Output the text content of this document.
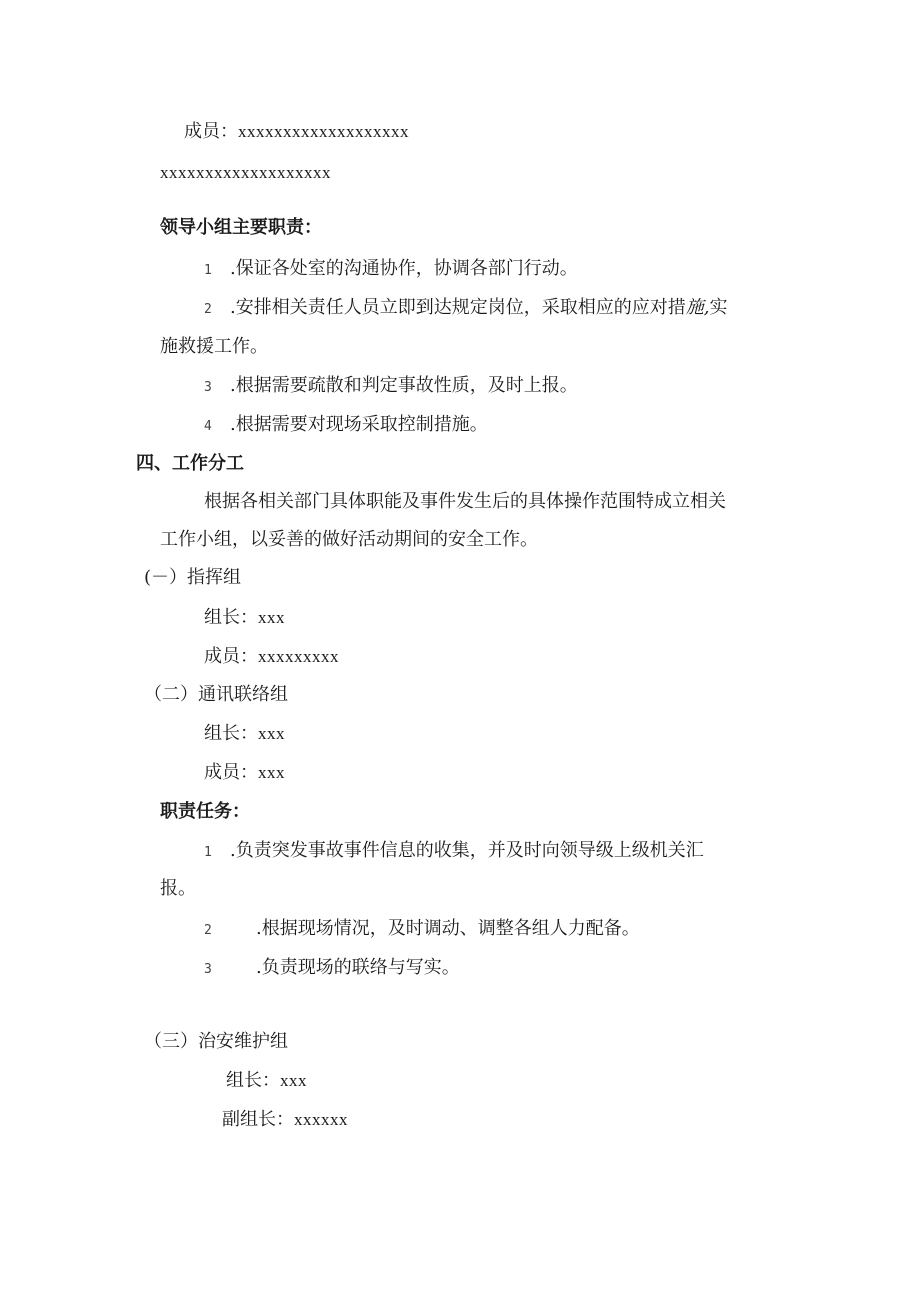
成员：xxxxxxxxxxxxxxxxxxx
xxxxxxxxxxxxxxxxxxx
领导小组主要职责：
1 .保证各处室的沟通协作，协调各部门行动。
2 .安排相关责任人员立即到达规定岗位，采取相应的应对措施,实
施救援工作。
3 .根据需要疏散和判定事故性质，及时上报。
4 .根据需要对现场采取控制措施。
四、工作分工
根据各相关部门具体职能及事件发生后的具体操作范围特成立相关
工作小组，以妥善的做好活动期间的安全工作。
(－）指挥组
组长：xxx
成员：xxxxxxxxx
（二）通讯联络组
组长：xxx
成员：xxx
职责任务：
1 .负责突发事故事件信息的收集，并及时向领导级上级机关汇
报。
2 .根据现场情况，及时调动、调整各组人力配备。
3 .负责现场的联络与写实。
（三）治安维护组
组长：xxx
副组长：xxxxxx
